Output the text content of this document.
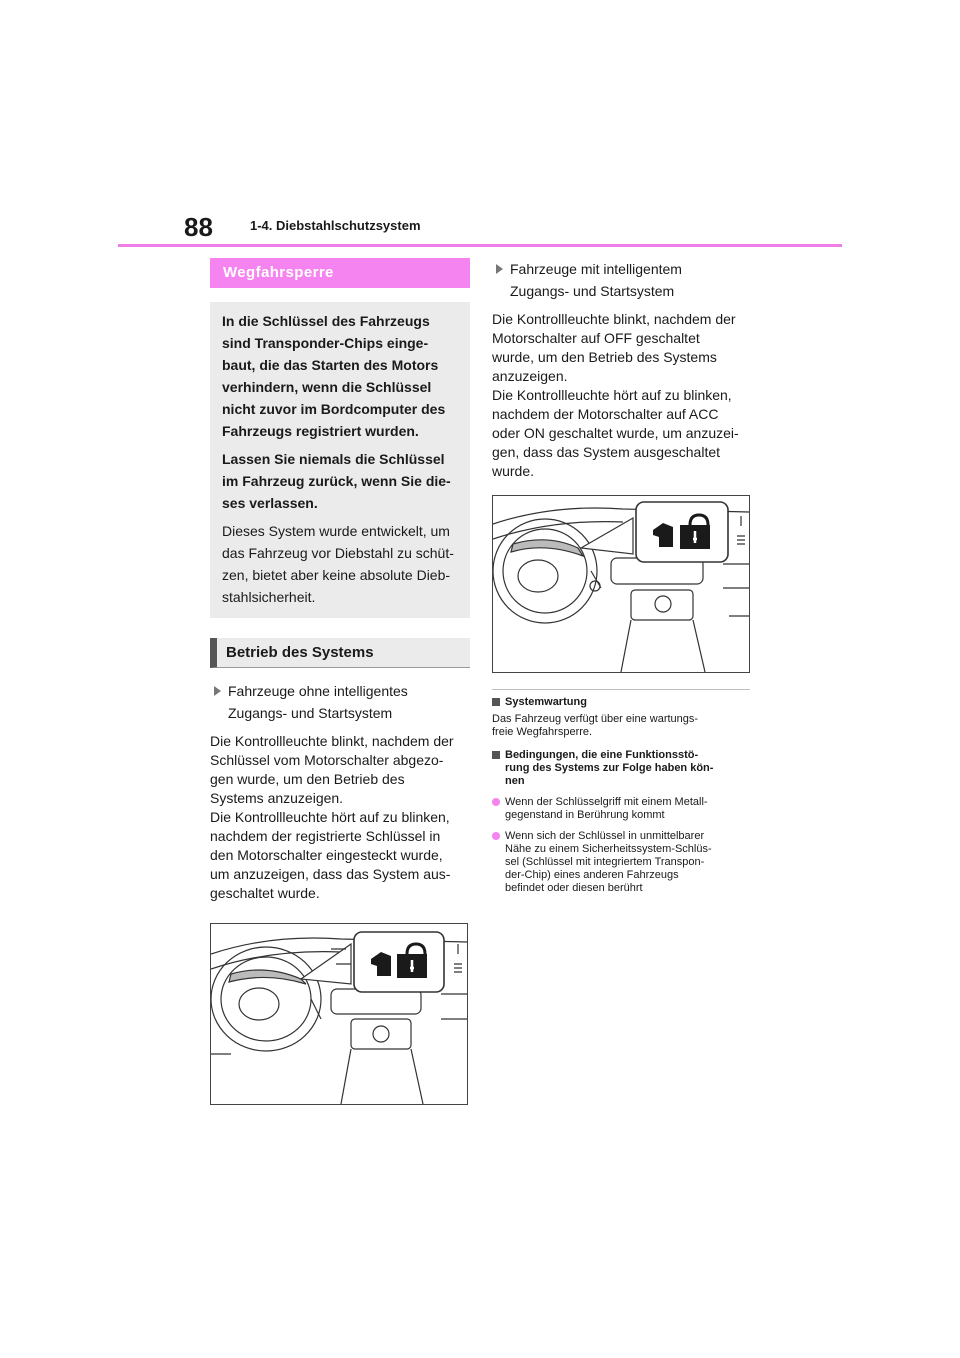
88	1-4. Diebstahlschutzsystem
Wegfahrsperre

In die Schlüssel des Fahrzeugs
sind Transponder-Chips einge-
baut, die das Starten des Motors
verhindern, wenn die Schlüssel
nicht zuvor im Bordcomputer des
Fahrzeugs registriert wurden.

Lassen Sie niemals die Schlüssel
im Fahrzeug zurück, wenn Sie die-
ses verlassen.

Dieses System wurde entwickelt, um
das Fahrzeug vor Diebstahl zu schüt-
zen, bietet aber keine absolute Dieb-
stahlsicherheit.

Betrieb des Systems
Fahrzeuge ohne intelligentes
Zugangs- und Startsystem
Die Kontrollleuchte blinkt, nachdem der
Schlüssel vom Motorschalter abgezo-
gen wurde, um den Betrieb des
Systems anzuzeigen.
Die Kontrollleuchte hört auf zu blinken,
nachdem der registrierte Schlüssel in
den Motorschalter eingesteckt wurde,
um anzuzeigen, dass das System aus-
geschaltet wurde.
Fahrzeuge mit intelligentem
Zugangs- und Startsystem
Die Kontrollleuchte blinkt, nachdem der
Motorschalter auf OFF geschaltet
wurde, um den Betrieb des Systems
anzuzeigen.
Die Kontrollleuchte hört auf zu blinken,
nachdem der Motorschalter auf ACC
oder ON geschaltet wurde, um anzuzei-
gen, dass das System ausgeschaltet
wurde.
Systemwartung
Das Fahrzeug verfügt über eine wartungs-
freie Wegfahrsperre.
Bedingungen, die eine Funktionsstö-
rung des Systems zur Folge haben kön-
nen
Wenn der Schlüsselgriff mit einem Metall-
gegenstand in Berührung kommt
Wenn sich der Schlüssel in unmittelbarer
Nähe zu einem Sicherheitssystem-Schlüs-
sel (Schlüssel mit integriertem Transpon-
der-Chip) eines anderen Fahrzeugs
befindet oder diesen berührt
